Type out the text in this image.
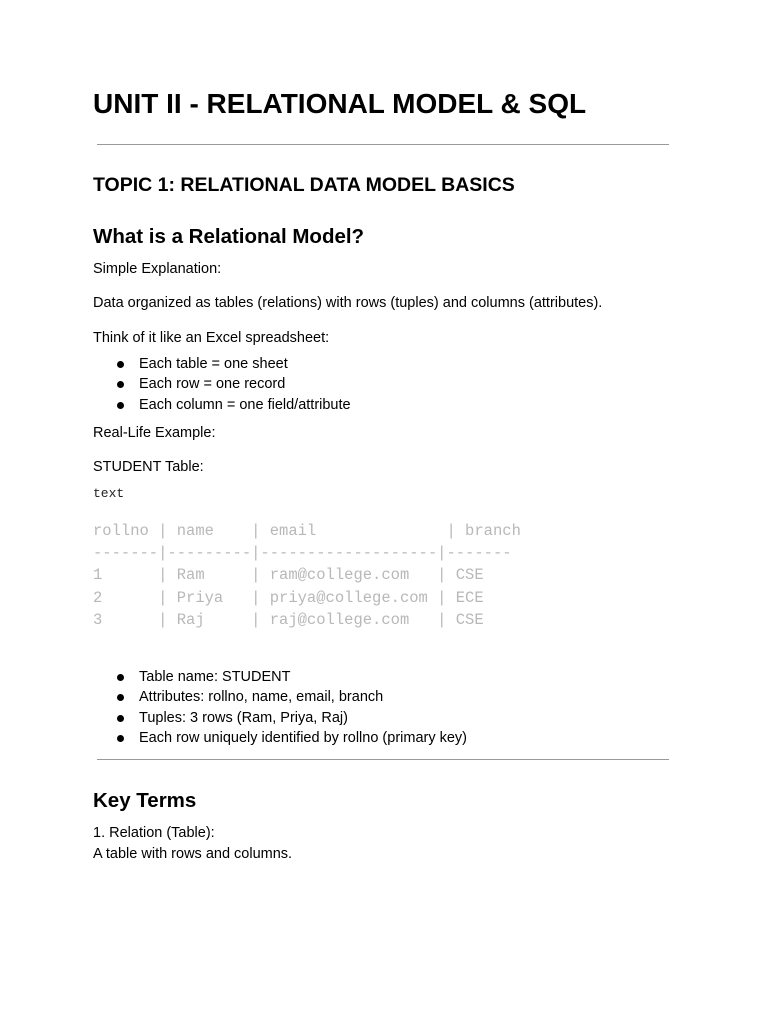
UNIT II - RELATIONAL MODEL & SQL
TOPIC 1: RELATIONAL DATA MODEL BASICS
What is a Relational Model?

Simple Explanation:

Data organized as tables (relations) with rows (tuples) and columns (attributes).

Think of it like an Excel spreadsheet:

Each table = one sheet
Each row = one record
Each column = one field/attribute

Real-Life Example:

STUDENT Table:

text
rollno | name    | email              | branch
-------|---------|-------------------|-------
1      | Ram     | ram@college.com   | CSE
2      | Priya   | priya@college.com | ECE
3      | Raj     | raj@college.com   | CSE
Table name: STUDENT
Attributes: rollno, name, email, branch
Tuples: 3 rows (Ram, Priya, Raj)
Each row uniquely identified by rollno (primary key)
Key Terms

1. Relation (Table):

A table with rows and columns.
